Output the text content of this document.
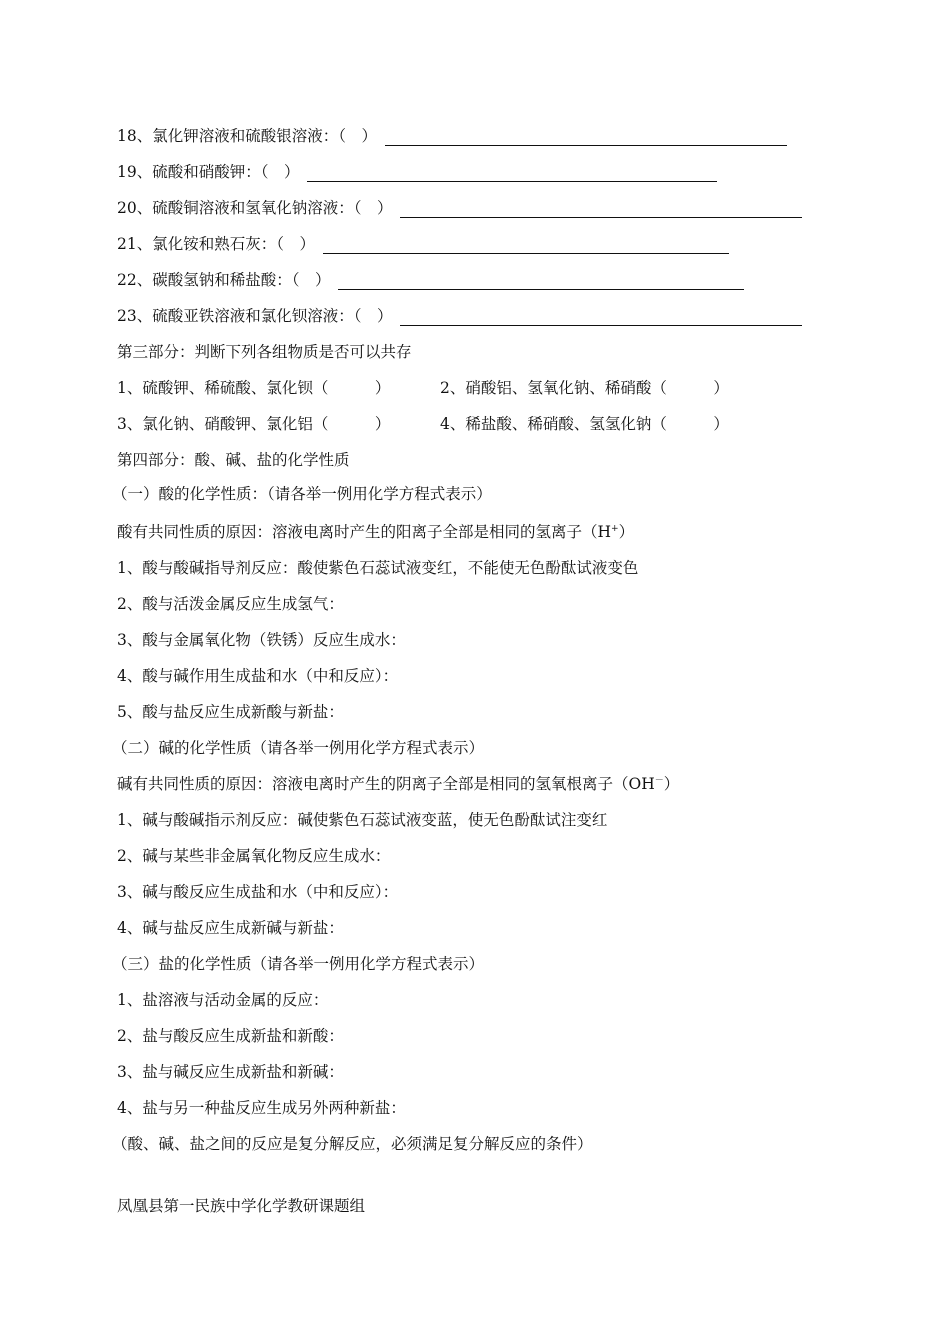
18、氯化钾溶液和硫酸银溶液：（　）
19、硫酸和硝酸钾：（　）
20、硫酸铜溶液和氢氧化钠溶液：（　）
21、氯化铵和熟石灰：（　）
22、碳酸氢钠和稀盐酸：（　）
23、硫酸亚铁溶液和氯化钡溶液：（　）
第三部分：判断下列各组物质是否可以共存
1、硫酸钾、稀硫酸、氯化钡（　　　）	2、硝酸铝、氢氧化钠、稀硝酸（　　　）
3、氯化钠、硝酸钾、氯化铝（　　　）	4、稀盐酸、稀硝酸、氢氢化钠（　　　）
第四部分：酸、碱、盐的化学性质
（一）酸的化学性质：（请各举一例用化学方程式表示）
酸有共同性质的原因：溶液电离时产生的阳离子全部是相同的氢离子（H+）
1、酸与酸碱指导剂反应：酸使紫色石蕊试液变红，不能使无色酚酞试液变色
2、酸与活泼金属反应生成氢气：
3、酸与金属氧化物（铁锈）反应生成水：
4、酸与碱作用生成盐和水（中和反应）：
5、酸与盐反应生成新酸与新盐：
（二）碱的化学性质（请各举一例用化学方程式表示）
碱有共同性质的原因：溶液电离时产生的阴离子全部是相同的氢氧根离子（OH－）
1、碱与酸碱指示剂反应：碱使紫色石蕊试液变蓝，使无色酚酞试注变红
2、碱与某些非金属氧化物反应生成水：
3、碱与酸反应生成盐和水（中和反应）：
4、碱与盐反应生成新碱与新盐：
（三）盐的化学性质（请各举一例用化学方程式表示）
1、盐溶液与活动金属的反应：
2、盐与酸反应生成新盐和新酸：
3、盐与碱反应生成新盐和新碱：
4、盐与另一种盐反应生成另外两种新盐：
（酸、碱、盐之间的反应是复分解反应，必须满足复分解反应的条件）
凤凰县第一民族中学化学教研课题组
